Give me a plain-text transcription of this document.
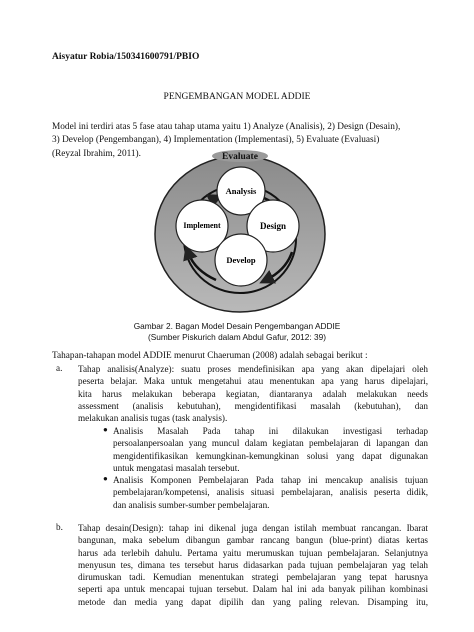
Aisyatur Robia/150341600791/PBIO
PENGEMBANGAN MODEL ADDIE
Model ini terdiri atas 5 fase atau tahap utama yaitu 1) Analyze (Analisis), 2) Design (Desain),
3) Develop (Pengembangan), 4) Implementation (Implementasi), 5) Evaluate (Evaluasi)
(Reyzal Ibrahim, 2011).	Evaluate
Analysis
Implement	Design
Develop
Gambar 2. Bagan Model Desain Pengembangan ADDIE
(Sumber Piskurich dalam Abdul Gafur, 2012: 39)
Tahapan-tahapan model ADDIE menurut Chaeruman (2008) adalah sebagai berikut :
a. Tahap analisis(Analyze): suatu proses mendefinisikan apa yang akan dipelajari oleh
peserta belajar. Maka untuk mengetahui atau menentukan apa yang harus dipelajari,
kita harus melakukan beberapa kegiatan, diantaranya adalah melakukan needs
assessment (analisis kebutuhan), mengidentifikasi masalah (kebutuhan), dan
melakukan analisis tugas (task analysis).
● Analisis Masalah Pada tahap ini dilakukan investigasi terhadap
persoalanpersoalan yang muncul dalam kegiatan pembelajaran di lapangan dan
mengidentifikasikan kemungkinan-kemungkinan solusi yang dapat digunakan
untuk mengatasi masalah tersebut.
● Analisis Komponen Pembelajaran Pada tahap ini mencakup analisis tujuan
pembelajaran/kompetensi, analisis situasi pembelajaran, analisis peserta didik,
dan analisis sumber-sumber pembelajaran.
b. Tahap desain(Design): tahap ini dikenal juga dengan istilah membuat rancangan. Ibarat
bangunan, maka sebelum dibangun gambar rancang bangun (blue-print) diatas kertas
harus ada terlebih dahulu. Pertama yaitu merumuskan tujuan pembelajaran. Selanjutnya
menyusun tes, dimana tes tersebut harus didasarkan pada tujuan pembelajaran yag telah
dirumuskan tadi. Kemudian menentukan strategi pembelajaran yang tepat harusnya
seperti apa untuk mencapai tujuan tersebut. Dalam hal ini ada banyak pilihan kombinasi
metode dan media yang dapat dipilih dan yang paling relevan. Disamping itu,
